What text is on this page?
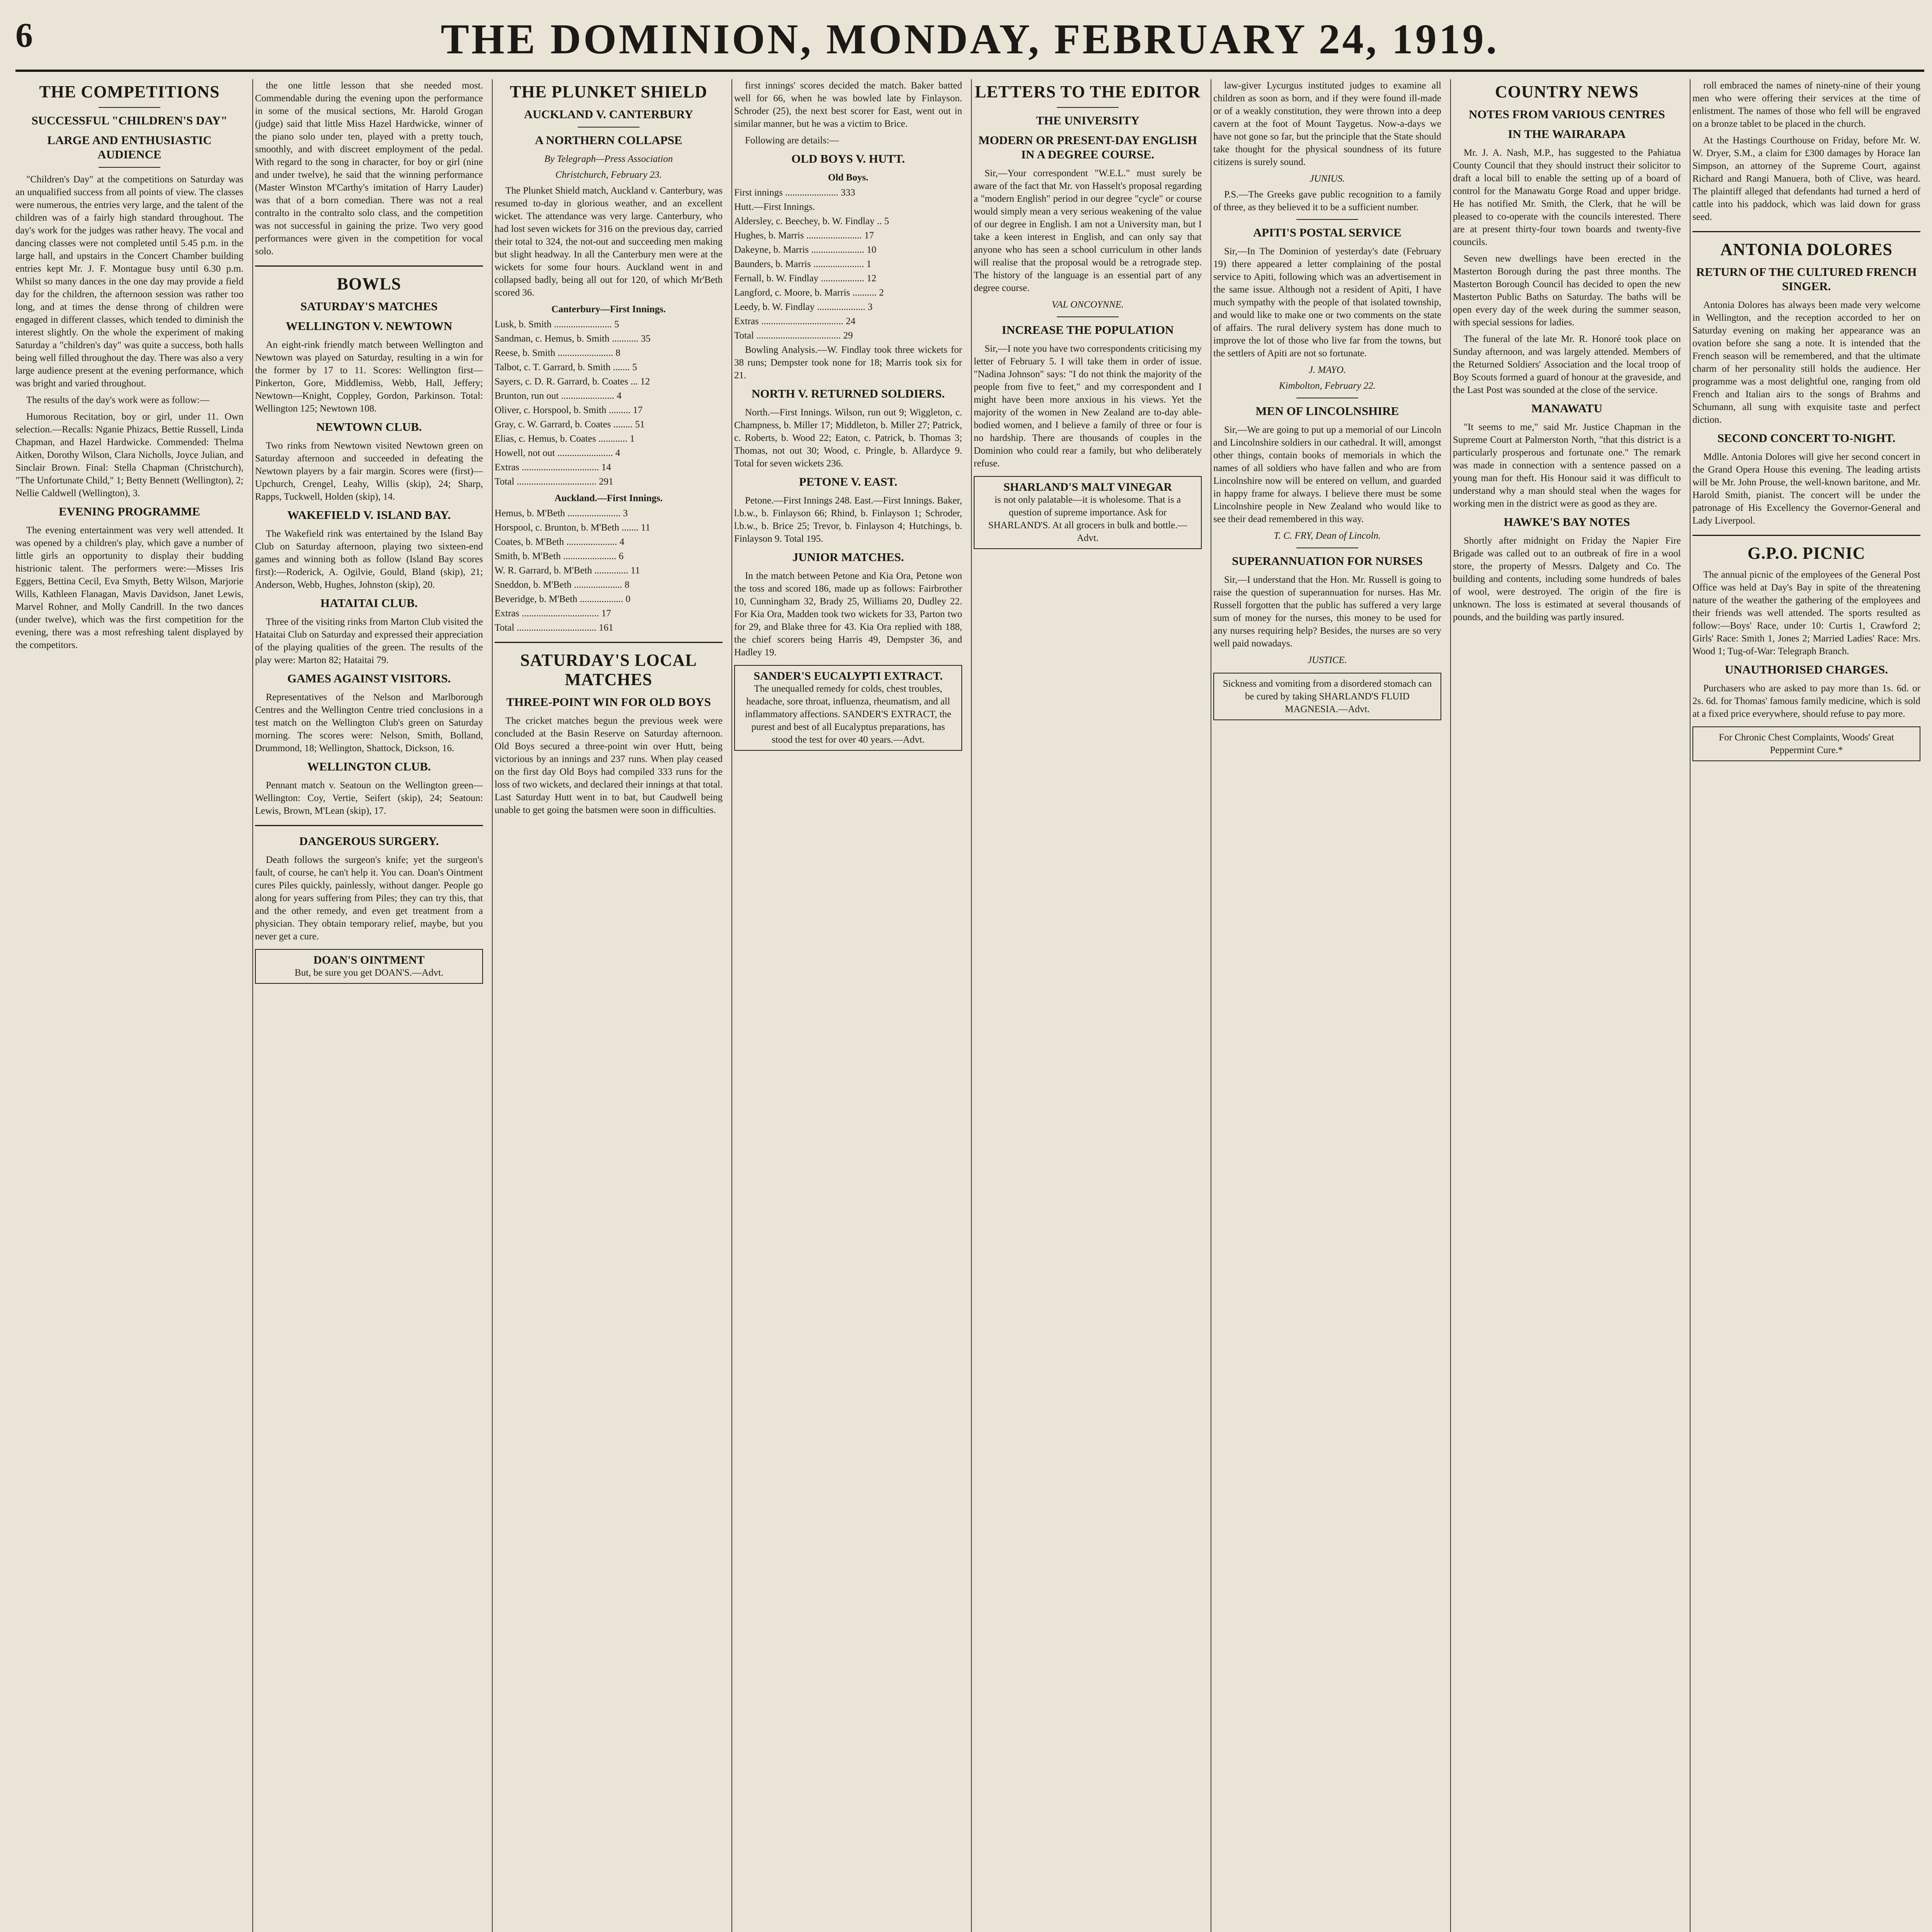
6	THE DOMINION, MONDAY, FEBRUARY 24, 1919.
THE COMPETITIONS
SUCCESSFUL "CHILDREN'S DAY"
LARGE AND ENTHUSIASTIC AUDIENCE

"Children's Day" at the competitions on Saturday was an unqualified success from all points of view. The classes were numerous, the entries very large, and the talent of the children was of a fairly high standard throughout. The day's work for the judges was rather heavy. The vocal and dancing classes were not completed until 5.45 p.m. in the large hall, and upstairs in the Concert Chamber building entries kept Mr. J. F. Montague busy until 6.30 p.m. Whilst so many dances in the one day may provide a field day for the children, the afternoon session was rather too long, and at times the dense throng of children were engaged in different classes, which tended to diminish the interest slightly. On the whole the experiment of making Saturday a "children's day" was quite a success, both halls being well filled throughout the day. There was also a very large audience present at the evening performance, which was bright and varied throughout.

The results of the day's work were as follow:—

Humorous Recitation, boy or girl, under 11. Own selection.—Recalls: Nganie Phizacs, Bettie Russell, Linda Chapman, and Hazel Hardwicke. Commended: Thelma Aitken, Dorothy Wilson, Clara Nicholls, Joyce Julian, and Sinclair Brown. Final: Stella Chapman (Christchurch), "The Unfortunate Child," 1; Betty Bennett (Wellington), 2; Nellie Caldwell (Wellington), 3.

EVENING PROGRAMME

The evening entertainment was very well attended. It was opened by a children's play, which gave a number of little girls an opportunity to display their budding histrionic talent. The performers were:—Misses Iris Eggers, Bettina Cecil, Eva Smyth, Betty Wilson, Marjorie Wills, Kathleen Flanagan, Mavis Davidson, Janet Lewis, Marvel Rohner, and Molly Candrill. In the two dances (under twelve), which was the first competition for the evening, there was a most refreshing talent displayed by the competitors.

the one little lesson that she needed most. Commendable during the evening upon the performance in some of the musical sections, Mr. Harold Grogan (judge) said that little Miss Hazel Hardwicke, winner of the piano solo under ten, played with a pretty touch, smoothly, and with discreet employment of the pedal. With regard to the song in character, for boy or girl (nine and under twelve), he said that the winning performance (Master Winston M'Carthy's imitation of Harry Lauder) was that of a born comedian. There was not a real contralto in the contralto solo class, and the competition was not successful in gaining the prize. Two very good performances were given in the competition for vocal solo.

BOWLS
SATURDAY'S MATCHES
WELLINGTON V. NEWTOWN

An eight-rink friendly match between Wellington and Newtown was played on Saturday, resulting in a win for the former by 17 to 11. Scores: Wellington first—Pinkerton, Gore, Middlemiss, Webb, Hall, Jeffery; Newtown—Knight, Coppley, Gordon, Parkinson. Total: Wellington 125; Newtown 108.

NEWTOWN CLUB.

Two rinks from Newtown visited Newtown green on Saturday afternoon and succeeded in defeating the Newtown players by a fair margin. Scores were (first)—Upchurch, Crengel, Leahy, Willis (skip), 24; Sharp, Rapps, Tuckwell, Holden (skip), 14.

WAKEFIELD V. ISLAND BAY.

The Wakefield rink was entertained by the Island Bay Club on Saturday afternoon, playing two sixteen-end games and winning both as follow (Island Bay scores first):—Roderick, A. Ogilvie, Gould, Bland (skip), 21; Anderson, Webb, Hughes, Johnston (skip), 20.

HATAITAI CLUB.

Three of the visiting rinks from Marton Club visited the Hataitai Club on Saturday and expressed their appreciation of the playing qualities of the green. The results of the play were: Marton 82; Hataitai 79.

GAMES AGAINST VISITORS.

Representatives of the Nelson and Marlborough Centres and the Wellington Centre tried conclusions in a test match on the Wellington Club's green on Saturday morning. The scores were: Nelson, Smith, Bolland, Drummond, 18; Wellington, Shattock, Dickson, 16.

WELLINGTON CLUB.

Pennant match v. Seatoun on the Wellington green—Wellington: Coy, Vertie, Seifert (skip), 24; Seatoun: Lewis, Brown, M'Lean (skip), 17.

DANGEROUS SURGERY.

Death follows the surgeon's knife; yet the surgeon's fault, of course, he can't help it. You can. Doan's Ointment cures Piles quickly, painlessly, without danger. People go along for years suffering from Piles; they can try this, that and the other remedy, and even get treatment from a physician. They obtain temporary relief, maybe, but you never get a cure.

DOAN'S OINTMENT
But, be sure you get DOAN'S.—Advt.
THE PLUNKET SHIELD
AUCKLAND V. CANTERBURY
A NORTHERN COLLAPSE
By Telegraph—Press Association
Christchurch, February 23.

The Plunket Shield match, Auckland v. Canterbury, was resumed to-day in glorious weather, and an excellent wicket. The attendance was very large. Canterbury, who had lost seven wickets for 316 on the previous day, carried their total to 324, the not-out and succeeding men making but slight headway. In all the Canterbury men were at the wickets for some four hours. Auckland went in and collapsed badly, being all out for 120, of which Mr'Beth scored 36.

Canterbury—First Innings.
Lusk, b. Smith ........................ 5
Sandman, c. Hemus, b. Smith ........... 35
Reese, b. Smith ....................... 8
Talbot, c. T. Garrard, b. Smith ....... 5
Sayers, c. D. R. Garrard, b. Coates ... 12
Brunton, run out ...................... 4
Oliver, c. Horspool, b. Smith ......... 17
Gray, c. W. Garrard, b. Coates ........ 51
Elias, c. Hemus, b. Coates ............ 1
Howell, not out ....................... 4
Extras ................................ 14
Total ................................. 291
Auckland.—First Innings.
Hemus, b. M'Beth ...................... 3
Horspool, c. Brunton, b. M'Beth ....... 11
Coates, b. M'Beth ..................... 4
Smith, b. M'Beth ...................... 6
W. R. Garrard, b. M'Beth .............. 11
Sneddon, b. M'Beth .................... 8
Beveridge, b. M'Beth .................. 0
Extras ................................ 17
Total ................................. 161
SATURDAY'S LOCAL MATCHES
THREE-POINT WIN FOR OLD BOYS

The cricket matches begun the previous week were concluded at the Basin Reserve on Saturday afternoon. Old Boys secured a three-point win over Hutt, being victorious by an innings and 237 runs. When play ceased on the first day Old Boys had compiled 333 runs for the loss of two wickets, and declared their innings at that total. Last Saturday Hutt went in to bat, but Caudwell being unable to get going the batsmen were soon in difficulties.

first innings' scores decided the match. Baker batted well for 66, when he was bowled late by Finlayson. Schroder (25), the next best scorer for East, went out in similar manner, but he was a victim to Brice.

Following are details:—

OLD BOYS V. HUTT.
Old Boys.
First innings ...................... 333
Hutt.—First Innings.
Aldersley, c. Beechey, b. W. Findlay .. 5
Hughes, b. Marris ....................... 17
Dakeyne, b. Marris ...................... 10
Baunders, b. Marris ..................... 1
Fernall, b. W. Findlay .................. 12
Langford, c. Moore, b. Marris .......... 2
Leedy, b. W. Findlay .................... 3
Extras .................................. 24
Total ................................... 29

Bowling Analysis.—W. Findlay took three wickets for 38 runs; Dempster took none for 18; Marris took six for 21.

NORTH V. RETURNED SOLDIERS.

North.—First Innings. Wilson, run out 9; Wiggleton, c. Champness, b. Miller 17; Middleton, b. Miller 27; Patrick, c. Roberts, b. Wood 22; Eaton, c. Patrick, b. Thomas 3; Thomas, not out 30; Wood, c. Pringle, b. Allardyce 9. Total for seven wickets 236.

PETONE V. EAST.

Petone.—First Innings 248. East.—First Innings. Baker, l.b.w., b. Finlayson 66; Rhind, b. Finlayson 1; Schroder, l.b.w., b. Brice 25; Trevor, b. Finlayson 4; Hutchings, b. Finlayson 9. Total 195.

JUNIOR MATCHES.

In the match between Petone and Kia Ora, Petone won the toss and scored 186, made up as follows: Fairbrother 10, Cunningham 32, Brady 25, Williams 20, Dudley 22. For Kia Ora, Madden took two wickets for 33, Parton two for 29, and Blake three for 43. Kia Ora replied with 188, the chief scorers being Harris 49, Dempster 36, and Hadley 19.

SANDER'S EUCALYPTI EXTRACT.
The unequalled remedy for colds, chest troubles, headache, sore throat, influenza, rheumatism, and all inflammatory affections. SANDER'S EXTRACT, the purest and best of all Eucalyptus preparations, has stood the test for over 40 years.—Advt.
LETTERS TO THE EDITOR
THE UNIVERSITY
MODERN OR PRESENT-DAY ENGLISH IN A DEGREE COURSE.

Sir,—Your correspondent "W.E.L." must surely be aware of the fact that Mr. von Hasselt's proposal regarding a "modern English" period in our degree "cycle" or course would simply mean a very serious weakening of the value of our degree in English. I am not a University man, but I take a keen interest in English, and can only say that anyone who has seen a school curriculum in other lands will realise that the proposal would be a retrograde step. The history of the language is an essential part of any degree course.

VAL ONCOYNNE.
INCREASE THE POPULATION

Sir,—I note you have two correspondents criticising my letter of February 5. I will take them in order of issue. "Nadina Johnson" says: "I do not think the majority of the people from five to feet," and my correspondent and I might have been more anxious in his views. Yet the majority of the women in New Zealand are to-day able-bodied women, and I believe a family of three or four is no hardship. There are thousands of couples in the Dominion who could rear a family, but who deliberately refuse.

SHARLAND'S MALT VINEGAR
is not only palatable—it is wholesome. That is a question of supreme importance. Ask for SHARLAND'S. At all grocers in bulk and bottle.—Advt.

law-giver Lycurgus instituted judges to examine all children as soon as born, and if they were found ill-made or of a weakly constitution, they were thrown into a deep cavern at the foot of Mount Taygetus. Now-a-days we have not gone so far, but the principle that the State should take thought for the physical soundness of its future citizens is surely sound.

JUNIUS.

P.S.—The Greeks gave public recognition to a family of three, as they believed it to be a sufficient number.

APITI'S POSTAL SERVICE

Sir,—In The Dominion of yesterday's date (February 19) there appeared a letter complaining of the postal service to Apiti, following which was an advertisement in the same issue. Although not a resident of Apiti, I have much sympathy with the people of that isolated township, and would like to make one or two comments on the state of affairs. The rural delivery system has done much to improve the lot of those who live far from the towns, but the settlers of Apiti are not so fortunate.

J. MAYO.
Kimbolton, February 22.
MEN OF LINCOLNSHIRE

Sir,—We are going to put up a memorial of our Lincoln and Lincolnshire soldiers in our cathedral. It will, amongst other things, contain books of memorials in which the names of all soldiers who have fallen and who are from Lincolnshire now will be entered on vellum, and guarded in happy frame for always. I believe there must be some Lincolnshire people in New Zealand who would like to see their dead remembered in this way.

T. C. FRY, Dean of Lincoln.
SUPERANNUATION FOR NURSES

Sir,—I understand that the Hon. Mr. Russell is going to raise the question of superannuation for nurses. Has Mr. Russell forgotten that the public has suffered a very large sum of money for the nurses, this money to be used for any nurses requiring help? Besides, the nurses are so very well paid nowadays.

JUSTICE.
Sickness and vomiting from a disordered stomach can be cured by taking SHARLAND'S FLUID MAGNESIA.—Advt.
COUNTRY NEWS
NOTES FROM VARIOUS CENTRES
IN THE WAIRARAPA

Mr. J. A. Nash, M.P., has suggested to the Pahiatua County Council that they should instruct their solicitor to draft a local bill to enable the setting up of a board of control for the Manawatu Gorge Road and upper bridge. He has notified Mr. Smith, the Clerk, that he will be pleased to co-operate with the councils interested. There are at present thirty-four town boards and twenty-five councils.

Seven new dwellings have been erected in the Masterton Borough during the past three months. The Masterton Borough Council has decided to open the new Masterton Public Baths on Saturday. The baths will be open every day of the week during the summer season, with special sessions for ladies.

The funeral of the late Mr. R. Honoré took place on Sunday afternoon, and was largely attended. Members of the Returned Soldiers' Association and the local troop of Boy Scouts formed a guard of honour at the graveside, and the Last Post was sounded at the close of the service.

MANAWATU

"It seems to me," said Mr. Justice Chapman in the Supreme Court at Palmerston North, "that this district is a particularly prosperous and fortunate one." The remark was made in connection with a sentence passed on a young man for theft. His Honour said it was difficult to understand why a man should steal when the wages for working men in the district were as good as they are.

HAWKE'S BAY NOTES

Shortly after midnight on Friday the Napier Fire Brigade was called out to an outbreak of fire in a wool store, the property of Messrs. Dalgety and Co. The building and contents, including some hundreds of bales of wool, were destroyed. The origin of the fire is unknown. The loss is estimated at several thousands of pounds, and the building was partly insured.

roll embraced the names of ninety-nine of their young men who were offering their services at the time of enlistment. The names of those who fell will be engraved on a bronze tablet to be placed in the church.

At the Hastings Courthouse on Friday, before Mr. W. W. Dryer, S.M., a claim for £300 damages by Horace Ian Simpson, an attorney of the Supreme Court, against Richard and Rangi Manuera, both of Clive, was heard. The plaintiff alleged that defendants had turned a herd of cattle into his paddock, which was laid down for grass seed.

ANTONIA DOLORES
RETURN OF THE CULTURED FRENCH SINGER.

Antonia Dolores has always been made very welcome in Wellington, and the reception accorded to her on Saturday evening on making her appearance was an ovation before she sang a note. It is intended that the French season will be remembered, and that the ultimate charm of her personality still holds the audience. Her programme was a most delightful one, ranging from old French and Italian airs to the songs of Brahms and Schumann, all sung with exquisite taste and perfect diction.

SECOND CONCERT TO-NIGHT.

Mdlle. Antonia Dolores will give her second concert in the Grand Opera House this evening. The leading artists will be Mr. John Prouse, the well-known baritone, and Mr. Harold Smith, pianist. The concert will be under the patronage of His Excellency the Governor-General and Lady Liverpool.

G.P.O. PICNIC

The annual picnic of the employees of the General Post Office was held at Day's Bay in spite of the threatening nature of the weather the gathering of the employees and their friends was well attended. The sports resulted as follow:—Boys' Race, under 10: Curtis 1, Crawford 2; Girls' Race: Smith 1, Jones 2; Married Ladies' Race: Mrs. Wood 1; Tug-of-War: Telegraph Branch.

UNAUTHORISED CHARGES.

Purchasers who are asked to pay more than 1s. 6d. or 2s. 6d. for Thomas' famous family medicine, which is sold at a fixed price everywhere, should refuse to pay more.

For Chronic Chest Complaints, Woods' Great Peppermint Cure.*
